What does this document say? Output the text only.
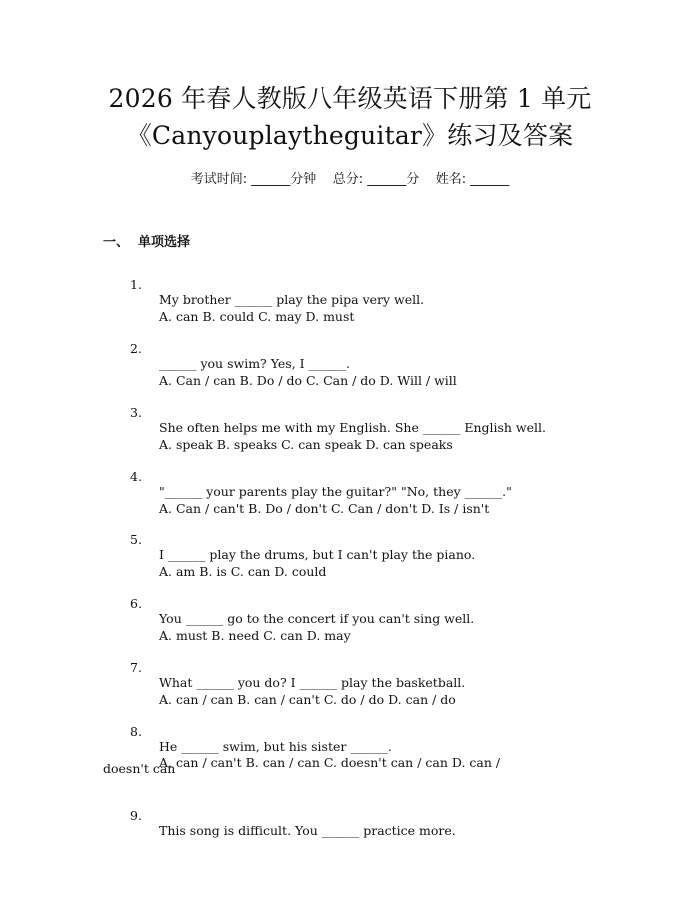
2026 年春人教版八年级英语下册第 1 单元
《Canyouplaytheguitar》练习及答案
考试时间: ______分钟    总分: ______分    姓名: ______
一、  单项选择

1.

My brother ______ play the pipa very well.

A. can B. could C. may D. must

2.

______ you swim? Yes, I ______.

A. Can / can B. Do / do C. Can / do D. Will / will

3.

She often helps me with my English. She ______ English well.

A. speak B. speaks C. can speak D. can speaks

4.

"______ your parents play the guitar?" "No, they ______."

A. Can / can't B. Do / don't C. Can / don't D. Is / isn't

5.

I ______ play the drums, but I can't play the piano.

A. am B. is C. can D. could

6.

You ______ go to the concert if you can't sing well.

A. must B. need C. can D. may

7.

What ______ you do? I ______ play the basketball.

A. can / can B. can / can't C. do / do D. can / do

8.

He ______ swim, but his sister ______.

A. can / can't B. can / can C. doesn't can / can D. can /

doesn't can

9.

This song is difficult. You ______ practice more.
